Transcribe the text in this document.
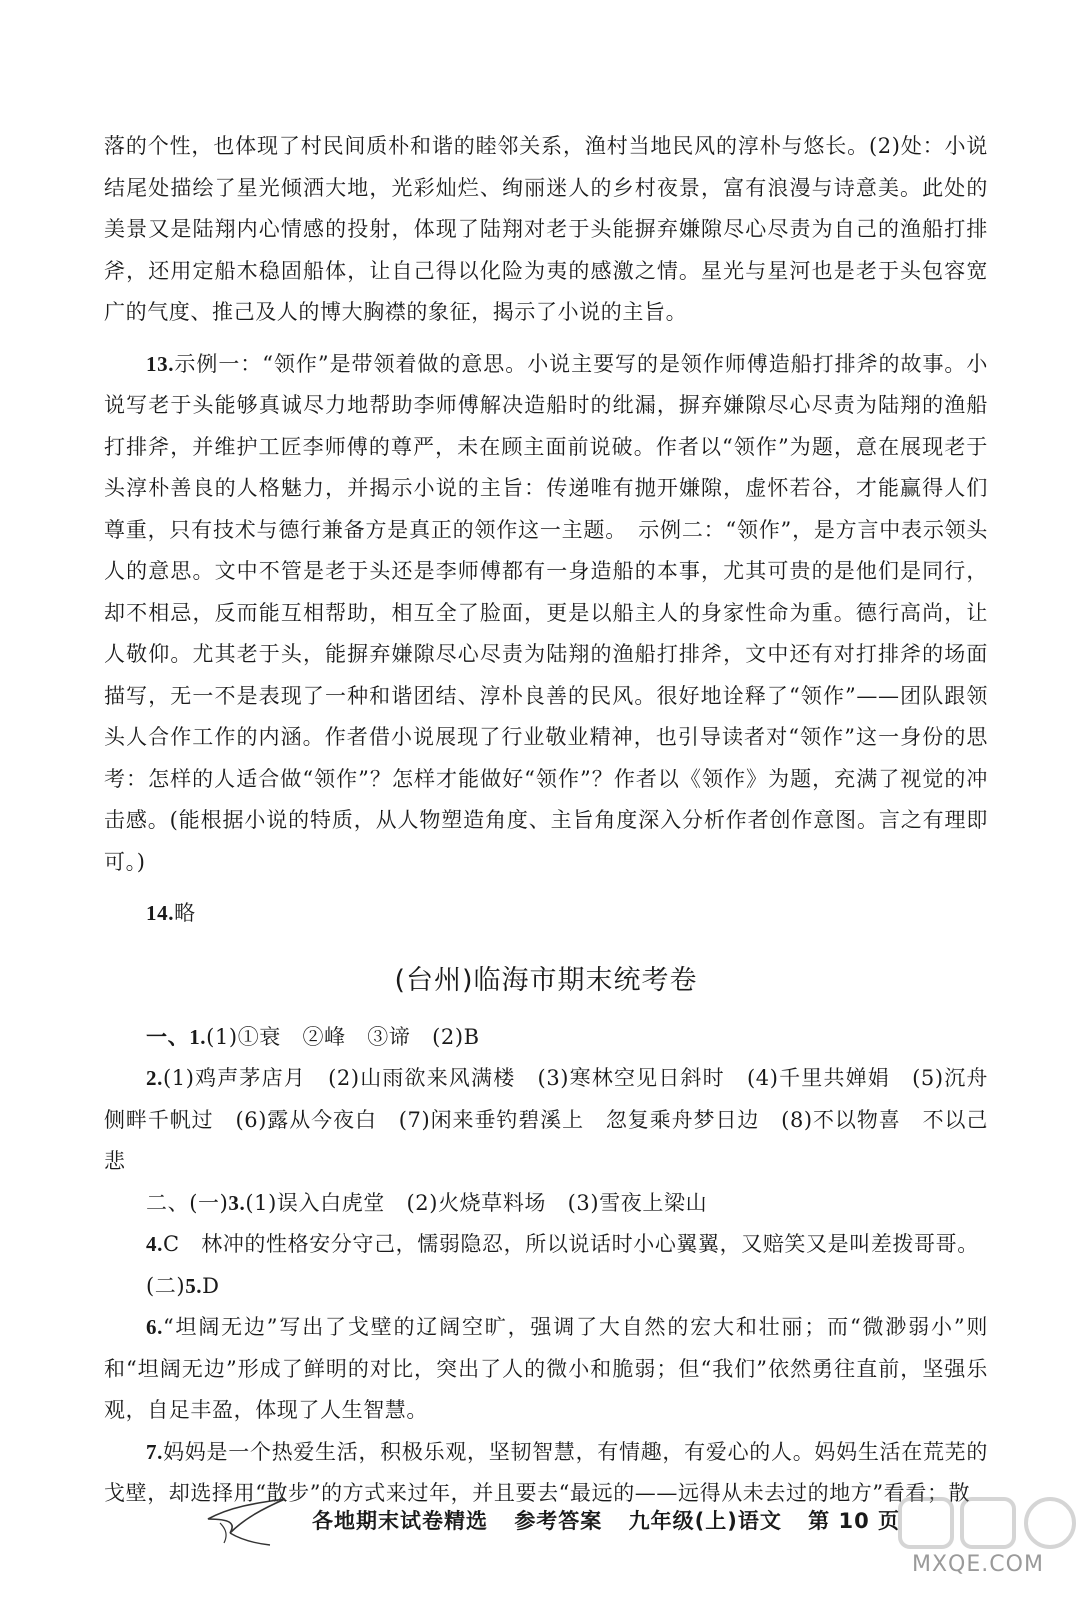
落的个性，也体现了村民间质朴和谐的睦邻关系，渔村当地民风的淳朴与悠长。(2)处：小说结尾处描绘了星光倾洒大地，光彩灿烂、绚丽迷人的乡村夜景，富有浪漫与诗意美。此处的美景又是陆翔内心情感的投射，体现了陆翔对老于头能摒弃嫌隙尽心尽责为自己的渔船打排斧，还用定船木稳固船体，让自己得以化险为夷的感激之情。星光与星河也是老于头包容宽广的气度、推己及人的博大胸襟的象征，揭示了小说的主旨。

13.示例一：“领作”是带领着做的意思。小说主要写的是领作师傅造船打排斧的故事。小说写老于头能够真诚尽力地帮助李师傅解决造船时的纰漏，摒弃嫌隙尽心尽责为陆翔的渔船打排斧，并维护工匠李师傅的尊严，未在顾主面前说破。作者以“领作”为题，意在展现老于头淳朴善良的人格魅力，并揭示小说的主旨：传递唯有抛开嫌隙，虚怀若谷，才能赢得人们尊重，只有技术与德行兼备方是真正的领作这一主题。　示例二：“领作”，是方言中表示领头人的意思。文中不管是老于头还是李师傅都有一身造船的本事，尤其可贵的是他们是同行，却不相忌，反而能互相帮助，相互全了脸面，更是以船主人的身家性命为重。德行高尚，让人敬仰。尤其老于头，能摒弃嫌隙尽心尽责为陆翔的渔船打排斧，文中还有对打排斧的场面描写，无一不是表现了一种和谐团结、淳朴良善的民风。很好地诠释了“领作”——团队跟领头人合作工作的内涵。作者借小说展现了行业敬业精神，也引导读者对“领作”这一身份的思考：怎样的人适合做“领作”？怎样才能做好“领作”？作者以《领作》为题，充满了视觉的冲击感。(能根据小说的特质，从人物塑造角度、主旨角度深入分析作者创作意图。言之有理即可。)

14.略

(台州)临海市期末统考卷

一、1.(1)①衰　②峰　③谛　(2)B

2.(1)鸡声茅店月　(2)山雨欲来风满楼　(3)寒林空见日斜时　(4)千里共婵娟　(5)沉舟侧畔千帆过　(6)露从今夜白　(7)闲来垂钓碧溪上　忽复乘舟梦日边　(8)不以物喜　不以己悲

二、(一)3.(1)误入白虎堂　(2)火烧草料场　(3)雪夜上梁山

4.C　林冲的性格安分守己，懦弱隐忍，所以说话时小心翼翼，又赔笑又是叫差拨哥哥。

(二)5.D

6.“坦阔无边”写出了戈壁的辽阔空旷，强调了大自然的宏大和壮丽；而“微渺弱小”则和“坦阔无边”形成了鲜明的对比，突出了人的微小和脆弱；但“我们”依然勇往直前，坚强乐观，自足丰盈，体现了人生智慧。

7.妈妈是一个热爱生活，积极乐观，坚韧智慧，有情趣，有爱心的人。妈妈生活在荒芜的戈壁，却选择用“散步”的方式来过年，并且要去“最远的——远得从未去过的地方”看看；散

各地期末试卷精选 参考答案 九年级(上)语文 第 10 页
MXQE.COM
